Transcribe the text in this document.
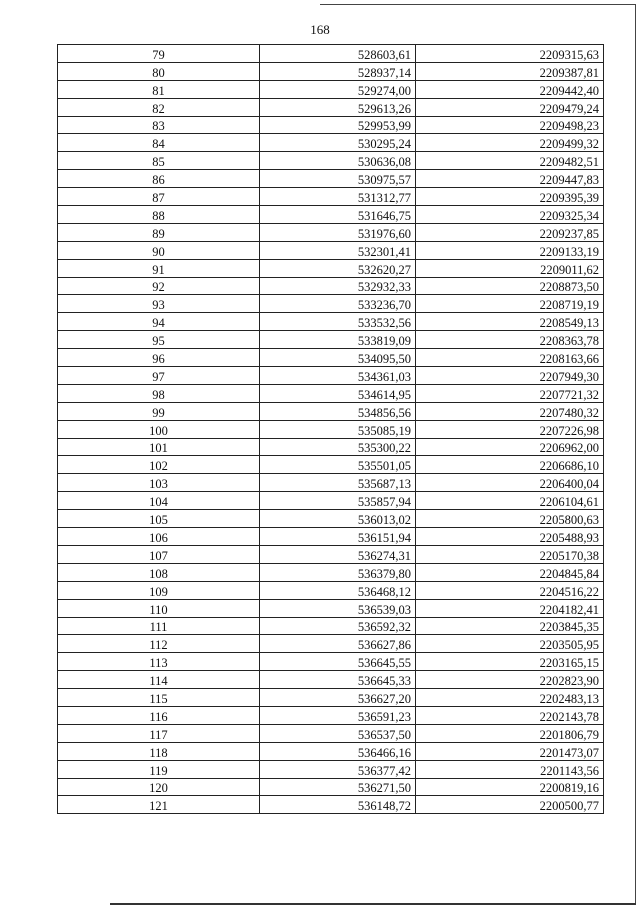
168
79	528603,61	2209315,63
80	528937,14	2209387,81
81	529274,00	2209442,40
82	529613,26	2209479,24
83	529953,99	2209498,23
84	530295,24	2209499,32
85	530636,08	2209482,51
86	530975,57	2209447,83
87	531312,77	2209395,39
88	531646,75	2209325,34
89	531976,60	2209237,85
90	532301,41	2209133,19
91	532620,27	2209011,62
92	532932,33	2208873,50
93	533236,70	2208719,19
94	533532,56	2208549,13
95	533819,09	2208363,78
96	534095,50	2208163,66
97	534361,03	2207949,30
98	534614,95	2207721,32
99	534856,56	2207480,32
100	535085,19	2207226,98
101	535300,22	2206962,00
102	535501,05	2206686,10
103	535687,13	2206400,04
104	535857,94	2206104,61
105	536013,02	2205800,63
106	536151,94	2205488,93
107	536274,31	2205170,38
108	536379,80	2204845,84
109	536468,12	2204516,22
110	536539,03	2204182,41
111	536592,32	2203845,35
112	536627,86	2203505,95
113	536645,55	2203165,15
114	536645,33	2202823,90
115	536627,20	2202483,13
116	536591,23	2202143,78
117	536537,50	2201806,79
118	536466,16	2201473,07
119	536377,42	2201143,56
120	536271,50	2200819,16
121	536148,72	2200500,77
